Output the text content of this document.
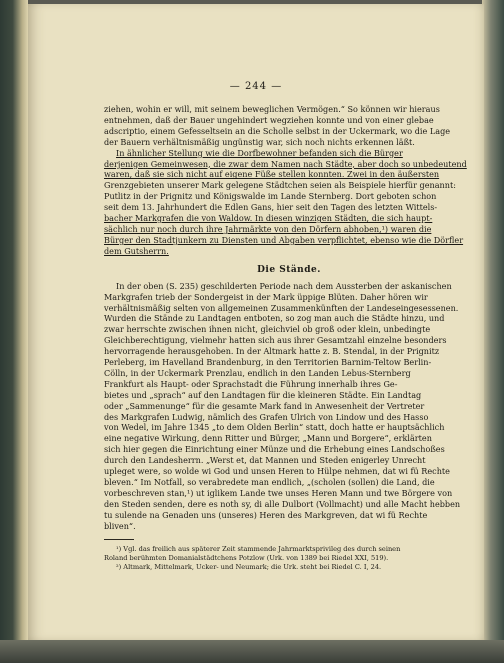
— 244 —
ziehen, wohin er will, mit seinem beweglichen Vermögen.“ So können wir hieraus
entnehmen, daß der Bauer ungehindert wegziehen konnte und von einer glebae
adscriptio, einem Gefesseltsein an die Scholle selbst in der Uckermark, wo die Lage
der Bauern verhältnismäßig ungünstig war, sich noch nichts erkennen läßt.
In ähnlicher Stellung wie die Dorfbewohner befanden sich die Bürger
derjenigen Gemeinwesen, die zwar dem Namen nach Städte, aber doch so unbedeutend
waren, daß sie sich nicht auf eigene Füße stellen konnten. Zwei in den äußersten
Grenzgebieten unserer Mark gelegene Städtchen seien als Beispiele hierfür genannt:
Putlitz in der Prignitz und Königswalde im Lande Sternberg. Dort geboten schon
seit dem 13. Jahrhundert die Edlen Gans, hier seit den Tagen des letzten Wittels-
bacher Markgrafen die von Waldow. In diesen winzigen Städten, die sich haupt-
sächlich nur noch durch ihre Jahrmärkte von den Dörfern abhoben,¹) waren die
Bürger den Stadtjunkern zu Diensten und Abgaben verpflichtet, ebenso wie die Dörfler
dem Gutsherrn.
Die Stände.
In der oben (S. 235) geschilderten Periode nach dem Aussterben der askanischen
Markgrafen trieb der Sondergeist in der Mark üppige Blüten. Daher hören wir
verhältnismäßig selten von allgemeinen Zusammenkünften der Landeseingesessenen.
Wurden die Stände zu Landtagen entboten, so zog man auch die Städte hinzu, und
zwar herrschte zwischen ihnen nicht, gleichviel ob groß oder klein, unbedingte
Gleichberechtigung, vielmehr hatten sich aus ihrer Gesamtzahl einzelne besonders
hervorragende herausgehoben. In der Altmark hatte z. B. Stendal, in der Prignitz
Perleberg, im Havelland Brandenburg, in den Territorien Barnim-Teltow Berlin-
Cölln, in der Uckermark Prenzlau, endlich in den Landen Lebus-Sternberg
Frankfurt als Haupt- oder Sprachstadt die Führung innerhalb ihres Ge-
bietes und „sprach“ auf den Landtagen für die kleineren Städte. Ein Landtag
oder „Sammenunge“ für die gesamte Mark fand in Anwesenheit der Vertreter
des Markgrafen Ludwig, nämlich des Grafen Ulrich von Lindow und des Hasso
von Wedel, im Jahre 1345 „to dem Olden Berlin“ statt, doch hatte er hauptsächlich
eine negative Wirkung, denn Ritter und Bürger, „Mann und Borgere“, erklärten
sich hier gegen die Einrichtung einer Münze und die Erhebung eines Landschoßes
durch den Landesherrn. „Werst et, dat Mannen und Steden enigerley Unrecht
upleget were, so wolde wi God und unsen Heren to Hülpe nehmen, dat wi fü Rechte
bleven.“ Im Notfall, so verabredete man endlich, „(scholen (sollen) die Land, die
vorbeschreven stan,¹) ut iglikem Lande twe unses Heren Mann und twe Börgere von
den Steden senden, dere es noth sy, di alle Dulbort (Vollmacht) und alle Macht hebben
tu sulende na Genaden uns (unseres) Heren des Markgreven, dat wi fü Rechte
bliven“.
¹) Vgl. das freilich aus späterer Zeit stammende Jahrmarktsprivileg des durch seinen
Roland berühmten Domanialstädtchens Potzlow (Urk. von 1389 bei Riedel XXI, 519).
²) Altmark, Mittelmark, Ucker- und Neumark; die Urk. steht bei Riedel C. I, 24.
